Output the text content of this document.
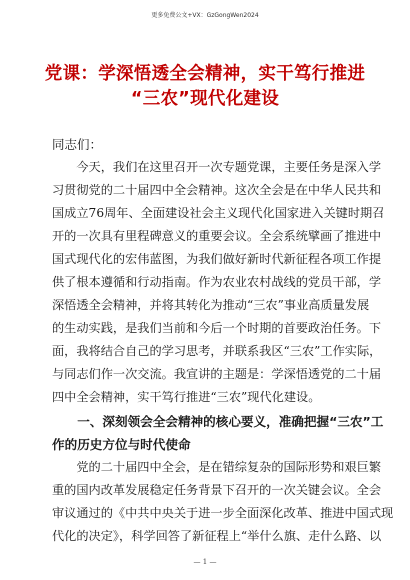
更多免费公文+VX：GzGongWen2024
党课：学深悟透全会精神，实干笃行推进
“三农”现代化建设
同志们：
　　今天，我们在这里召开一次专题党课，主要任务是深入学
习贯彻党的二十届四中全会精神。这次全会是在中华人民共和
国成立76周年、全面建设社会主义现代化国家进入关键时期召
开的一次具有里程碑意义的重要会议。全会系统擘画了推进中
国式现代化的宏伟蓝图，为我们做好新时代新征程各项工作提
供了根本遵循和行动指南。作为农业农村战线的党员干部，学
深悟透全会精神，并将其转化为推动“三农”事业高质量发展
的生动实践，是我们当前和今后一个时期的首要政治任务。下
面，我将结合自己的学习思考，并联系我区“三农”工作实际，
与同志们作一次交流。我宣讲的主题是：学深悟透党的二十届
四中全会精神，实干笃行推进“三农”现代化建设。
　　一、深刻领会全会精神的核心要义，准确把握“三农”工
作的历史方位与时代使命
　　党的二十届四中全会，是在错综复杂的国际形势和艰巨繁
重的国内改革发展稳定任务背景下召开的一次关键会议。全会
审议通过的《中共中央关于进一步全面深化改革、推进中国式现
代化的决定》，科学回答了新征程上“举什么旗、走什么路、以
— 1 —
